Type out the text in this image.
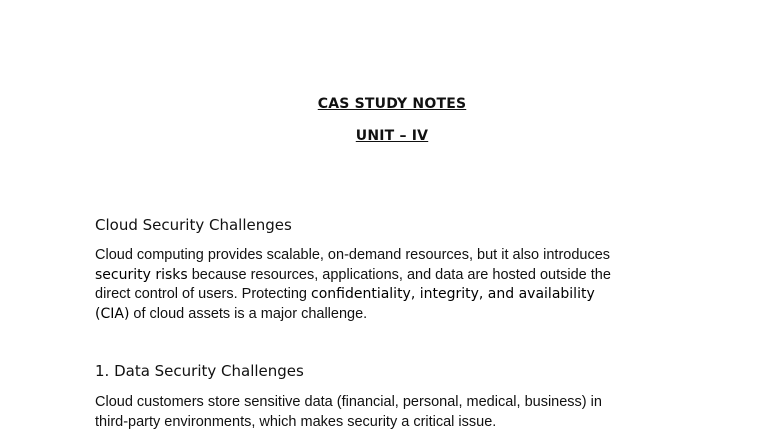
CAS STUDY NOTES
UNIT – IV
Cloud Security Challenges
Cloud computing provides scalable, on-demand resources, but it also introduces
security risks because resources, applications, and data are hosted outside the
direct control of users. Protecting confidentiality, integrity, and availability
(CIA) of cloud assets is a major challenge.
1. Data Security Challenges
Cloud customers store sensitive data (financial, personal, medical, business) in
third-party environments, which makes security a critical issue.
